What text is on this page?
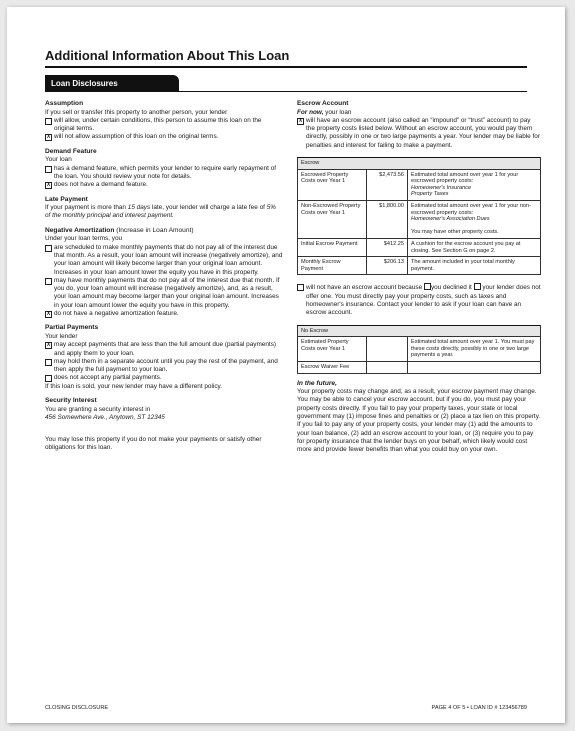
Additional Information About This Loan
Loan Disclosures
Assumption

If you sell or transfer this property to another person, your lender

will allow, under certain conditions, this person to assume this loan on the original terms.
X will not allow assumption of this loan on the original terms.
Demand Feature

Your loan

has a demand feature, which permits your lender to require early repayment of the loan. You should review your note for details.
X does not have a demand feature.
Late Payment

If your payment is more than 15 days late, your lender will charge a late fee of 5% of the monthly principal and interest payment.

Negative Amortization (Increase in Loan Amount)

Under your loan terms, you

are scheduled to make monthly payments that do not pay all of the interest due that month. As a result, your loan amount will increase (negatively amortize), and your loan amount will likely become larger than your original loan amount. Increases in your loan amount lower the equity you have in this property.
may have monthly payments that do not pay all of the interest due that month. If you do, your loan amount will increase (negatively amortize), and, as a result, your loan amount may become larger than your original loan amount. Increases in your loan amount lower the equity you have in this property.
X do not have a negative amortization feature.
Partial Payments

Your lender

X may accept payments that are less than the full amount due (partial payments) and apply them to your loan.
may hold them in a separate account until you pay the rest of the payment, and then apply the full payment to your loan.
does not accept any partial payments.

If this loan is sold, your new lender may have a different policy.

Security Interest

You are granting a security interest in

456 Somewhere Ave., Anytown, ST 12345

You may lose this property if you do not make your payments or satisfy other obligations for this loan.

Escrow Account

For now, your loan

X will have an escrow account (also called an “impound” or “trust” account) to pay the property costs listed below. Without an escrow account, you would pay them directly, possibly in one or two large payments a year. Your lender may be liable for penalties and interest for failing to make a payment.
Escrow		
Escrowed Property Costs over Year 1	$2,473.56	Estimated total amount over year 1 for your escrowed property costs:
Homeowner's Insurance
Property Taxes
Non-Escrowed Property Costs over Year 1	$1,800.00	Estimated total amount over year 1 for your non-escrowed property costs:
Homeowner's Association Dues

You may have other property costs.
Initial Escrow Payment	$412.25	A cushion for the escrow account you pay at closing. See Section G on page 2.
Monthly Escrow Payment	$206.13	The amount included in your total monthly payment.
will not have an escrow account because you declined it your lender does not offer one. You must directly pay your property costs, such as taxes and homeowner's insurance. Contact your lender to ask if your loan can have an escrow account.
No Escrow		
Estimated Property Costs over Year 1		Estimated total amount over year 1. You must pay these costs directly, possibly in one or two large payments a year.
Escrow Waiver Fee		
In the future,

Your property costs may change and, as a result, your escrow payment may change. You may be able to cancel your escrow account, but if you do, you must pay your property costs directly. If you fail to pay your property taxes, your state or local government may (1) impose fines and penalties or (2) place a tax lien on this property. If you fail to pay any of your property costs, your lender may (1) add the amounts to your loan balance, (2) add an escrow account to your loan, or (3) require you to pay for property insurance that the lender buys on your behalf, which likely would cost more and provide fewer benefits than what you could buy on your own.

CLOSING DISCLOSURE	PAGE 4 OF 5 • LOAN ID # 123456789
